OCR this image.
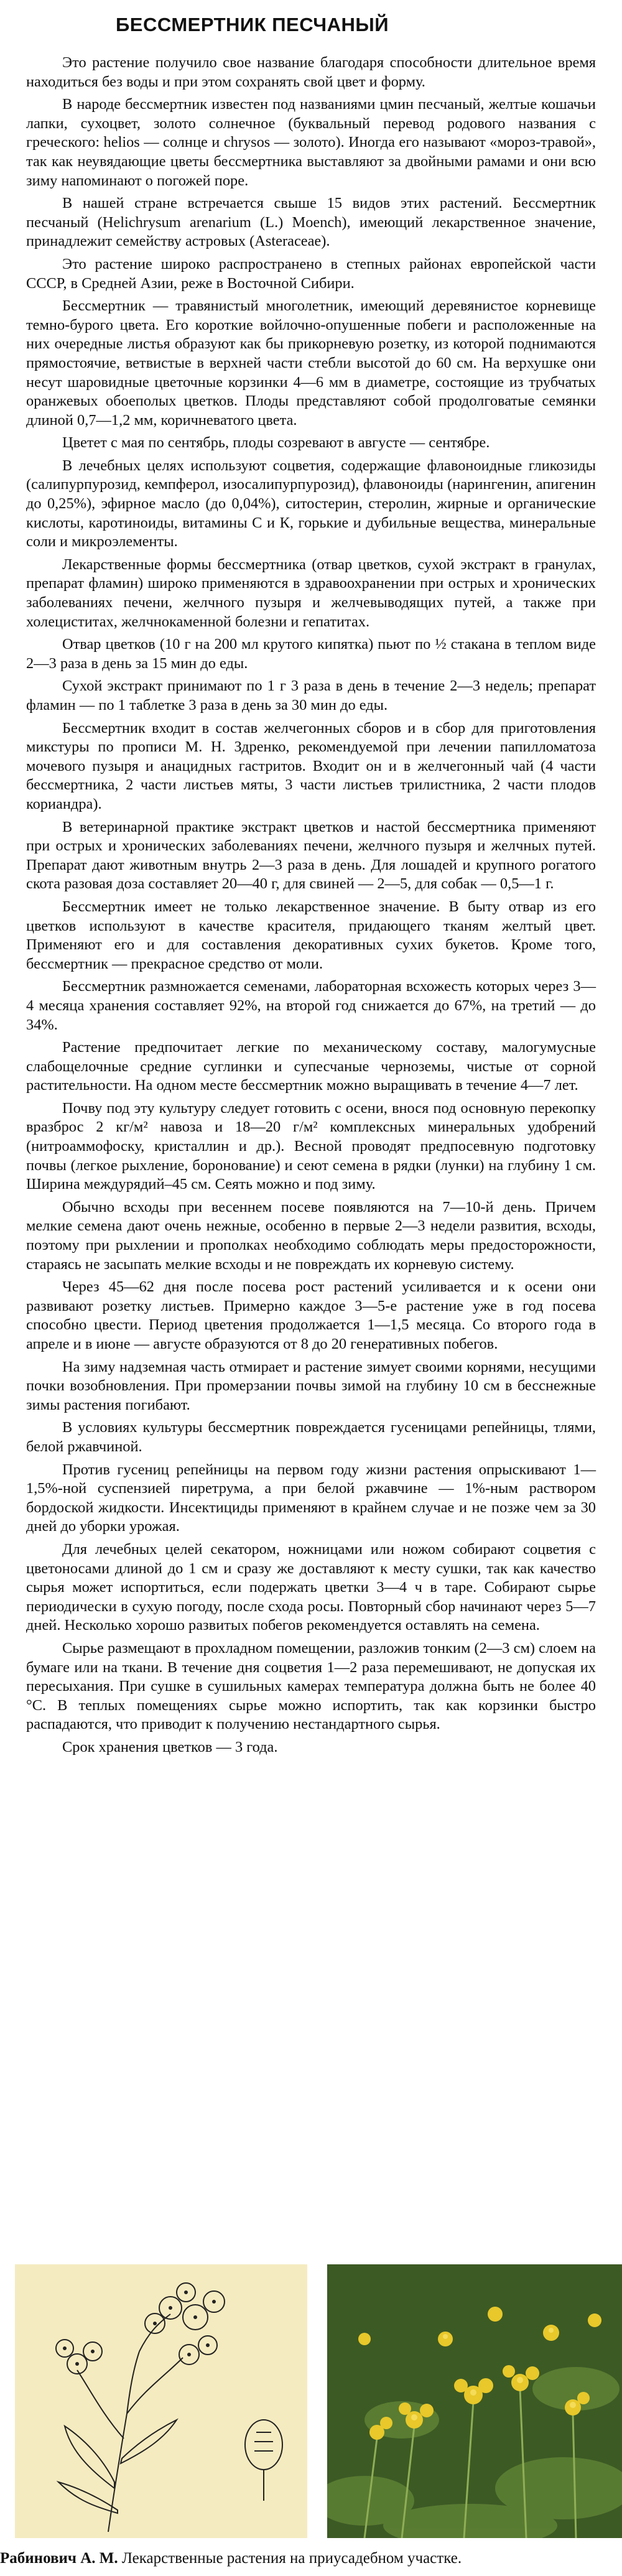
БЕССМЕРТНИК ПЕСЧАНЫЙ

Это растение получило свое название благодаря способности длительное время находиться без воды и при этом сохранять свой цвет и форму.

В народе бессмертник известен под названиями цмин песчаный, желтые кошачьи лапки, сухоцвет, золото солнечное (буквальный перевод родового названия с греческого: helios — солнце и chrysos — золото). Иногда его называют «мороз-травой», так как неувядающие цветы бессмертника выставляют за двойными рамами и они всю зиму напоминают о погожей поре.

В нашей стране встречается свыше 15 видов этих растений. Бессмертник песчаный (Helichrysum arenarium (L.) Moench), имеющий лекарственное значение, принадлежит семейству астровых (Asteraceae).

Это растение широко распространено в степных районах европейской части СССР, в Средней Азии, реже в Восточной Сибири.

Бессмертник — травянистый многолетник, имеющий деревянистое корневище темно-бурого цвета. Его короткие войлочно-опушенные побеги и расположенные на них очередные листья образуют как бы прикорневую розетку, из которой поднимаются прямостоячие, ветвистые в верхней части стебли высотой до 60 см. На верхушке они несут шаровидные цветочные корзинки 4—6 мм в диаметре, состоящие из трубчатых оранжевых обоеполых цветков. Плоды представляют собой продолговатые семянки длиной 0,7—1,2 мм, коричневатого цвета.

Цветет с мая по сентябрь, плоды созревают в августе — сентябре.

В лечебных целях используют соцветия, содержащие флавоноидные гликозиды (салипурпурозид, кемпферол, изосалипурпурозид), флавоноиды (нарингенин, апигенин до 0,25%), эфирное масло (до 0,04%), ситостерин, стеролин, жирные и органические кислоты, каротиноиды, витамины С и К, горькие и дубильные вещества, минеральные соли и микроэлементы.

Лекарственные формы бессмертника (отвар цветков, сухой экстракт в гранулах, препарат фламин) широко применяются в здравоохранении при острых и хронических заболеваниях печени, желчного пузыря и желчевыводящих путей, а также при холециститах, желчнокаменной болезни и гепатитах.

Отвар цветков (10 г на 200 мл крутого кипятка) пьют по ½ стакана в теплом виде 2—3 раза в день за 15 мин до еды.

Сухой экстракт принимают по 1 г 3 раза в день в течение 2—3 недель; препарат фламин — по 1 таблетке 3 раза в день за 30 мин до еды.

Бессмертник входит в состав желчегонных сборов и в сбор для приготовления микстуры по прописи М. Н. Здренко, рекомендуемой при лечении папилломатоза мочевого пузыря и анацидных гастритов. Входит он и в желчегонный чай (4 части бессмертника, 2 части листьев мяты, 3 части листьев трилистника, 2 части плодов кориандра).

В ветеринарной практике экстракт цветков и настой бессмертника применяют при острых и хронических заболеваниях печени, желчного пузыря и желчных путей. Препарат дают животным внутрь 2—3 раза в день. Для лошадей и крупного рогатого скота разовая доза составляет 20—40 г, для свиней — 2—5, для собак — 0,5—1 г.

Бессмертник имеет не только лекарственное значение. В быту отвар из его цветков используют в качестве красителя, придающего тканям желтый цвет. Применяют его и для составления декоративных сухих букетов. Кроме того, бессмертник — прекрасное средство от моли.

Бессмертник размножается семенами, лабораторная всхожесть которых через 3—4 месяца хранения составляет 92%, на второй год снижается до 67%, на третий — до 34%.

Растение предпочитает легкие по механическому составу, малогумусные слабощелочные средние суглинки и супесчаные черноземы, чистые от сорной растительности. На одном месте бессмертник можно выращивать в течение 4—7 лет.

Почву под эту культуру следует готовить с осени, внося под основную перекопку вразброс 2 кг/м² навоза и 18—20 г/м² комплексных минеральных удобрений (нитроаммофоску, кристаллин и др.). Весной проводят предпосевную подготовку почвы (легкое рыхление, боронование) и сеют семена в рядки (лунки) на глубину 1 см. Ширина междурядий–45 см. Сеять можно и под зиму.

Обычно всходы при весеннем посеве появляются на 7—10-й день. Причем мелкие семена дают очень нежные, особенно в первые 2—3 недели развития, всходы, поэтому при рыхлении и прополках необходимо соблюдать меры предосторожности, стараясь не засыпать мелкие всходы и не повреждать их корневую систему.

Через 45—62 дня после посева рост растений усиливается и к осени они развивают розетку листьев. Примерно каждое 3—5-е растение уже в год посева способно цвести. Период цветения продолжается 1—1,5 месяца. Со второго года в апреле и в июне — августе образуются от 8 до 20 генеративных побегов.

На зиму надземная часть отмирает и растение зимует своими корнями, несущими почки возобновления. При промерзании почвы зимой на глубину 10 см в бесснежные зимы растения погибают.

В условиях культуры бессмертник повреждается гусеницами репейницы, тлями, белой ржавчиной.

Против гусениц репейницы на первом году жизни растения опрыскивают 1—1,5%-ной суспензией пиретрума, а при белой ржавчине — 1%-ным раствором бордоской жидкости. Инсектициды применяют в крайнем случае и не позже чем за 30 дней до уборки урожая.

Для лечебных целей секатором, ножницами или ножом собирают соцветия с цветоносами длиной до 1 см и сразу же доставляют к месту сушки, так как качество сырья может испортиться, если подержать цветки 3—4 ч в таре. Собирают сырье периодически в сухую погоду, после схода росы. Повторный сбор начинают через 5—7 дней. Несколько хорошо развитых побегов рекомендуется оставлять на семена.

Сырье размещают в прохладном помещении, разложив тонким (2—3 см) слоем на бумаге или на ткани. В течение дня соцветия 1—2 раза перемешивают, не допуская их пересыхания. При сушке в сушильных камерах температура должна быть не более 40 °С. В теплых помещениях сырье можно испортить, так как корзинки быстро распадаются, что приводит к получению нестандартного сырья.

Срок хранения цветков — 3 года.

Рабинович А. М. Лекарственные растения на приусадебном участке.
